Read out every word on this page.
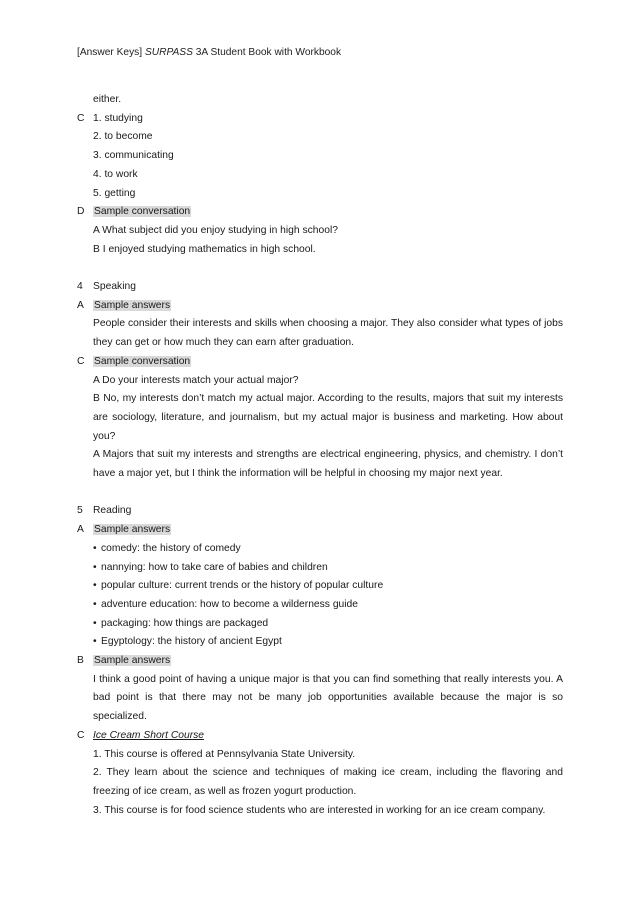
[Answer Keys] SURPASS 3A Student Book with Workbook
either.
C 1. studying
2. to become
3. communicating
4. to work
5. getting
D Sample conversation
A What subject did you enjoy studying in high school?
B I enjoyed studying mathematics in high school.
4 Speaking
A Sample answers
People consider their interests and skills when choosing a major. They also consider what types of jobs they can get or how much they can earn after graduation.
C Sample conversation
A Do your interests match your actual major?
B No, my interests don’t match my actual major. According to the results, majors that suit my interests are sociology, literature, and journalism, but my actual major is business and marketing. How about you?
A Majors that suit my interests and strengths are electrical engineering, physics, and chemistry. I don’t have a major yet, but I think the information will be helpful in choosing my major next year.
5 Reading
A Sample answers
• comedy: the history of comedy
• nannying: how to take care of babies and children
• popular culture: current trends or the history of popular culture
• adventure education: how to become a wilderness guide
• packaging: how things are packaged
• Egyptology: the history of ancient Egypt
B Sample answers
I think a good point of having a unique major is that you can find something that really interests you. A bad point is that there may not be many job opportunities available because the major is so specialized.
C Ice Cream Short Course
1. This course is offered at Pennsylvania State University.
2. They learn about the science and techniques of making ice cream, including the flavoring and freezing of ice cream, as well as frozen yogurt production.
3. This course is for food science students who are interested in working for an ice cream company.
